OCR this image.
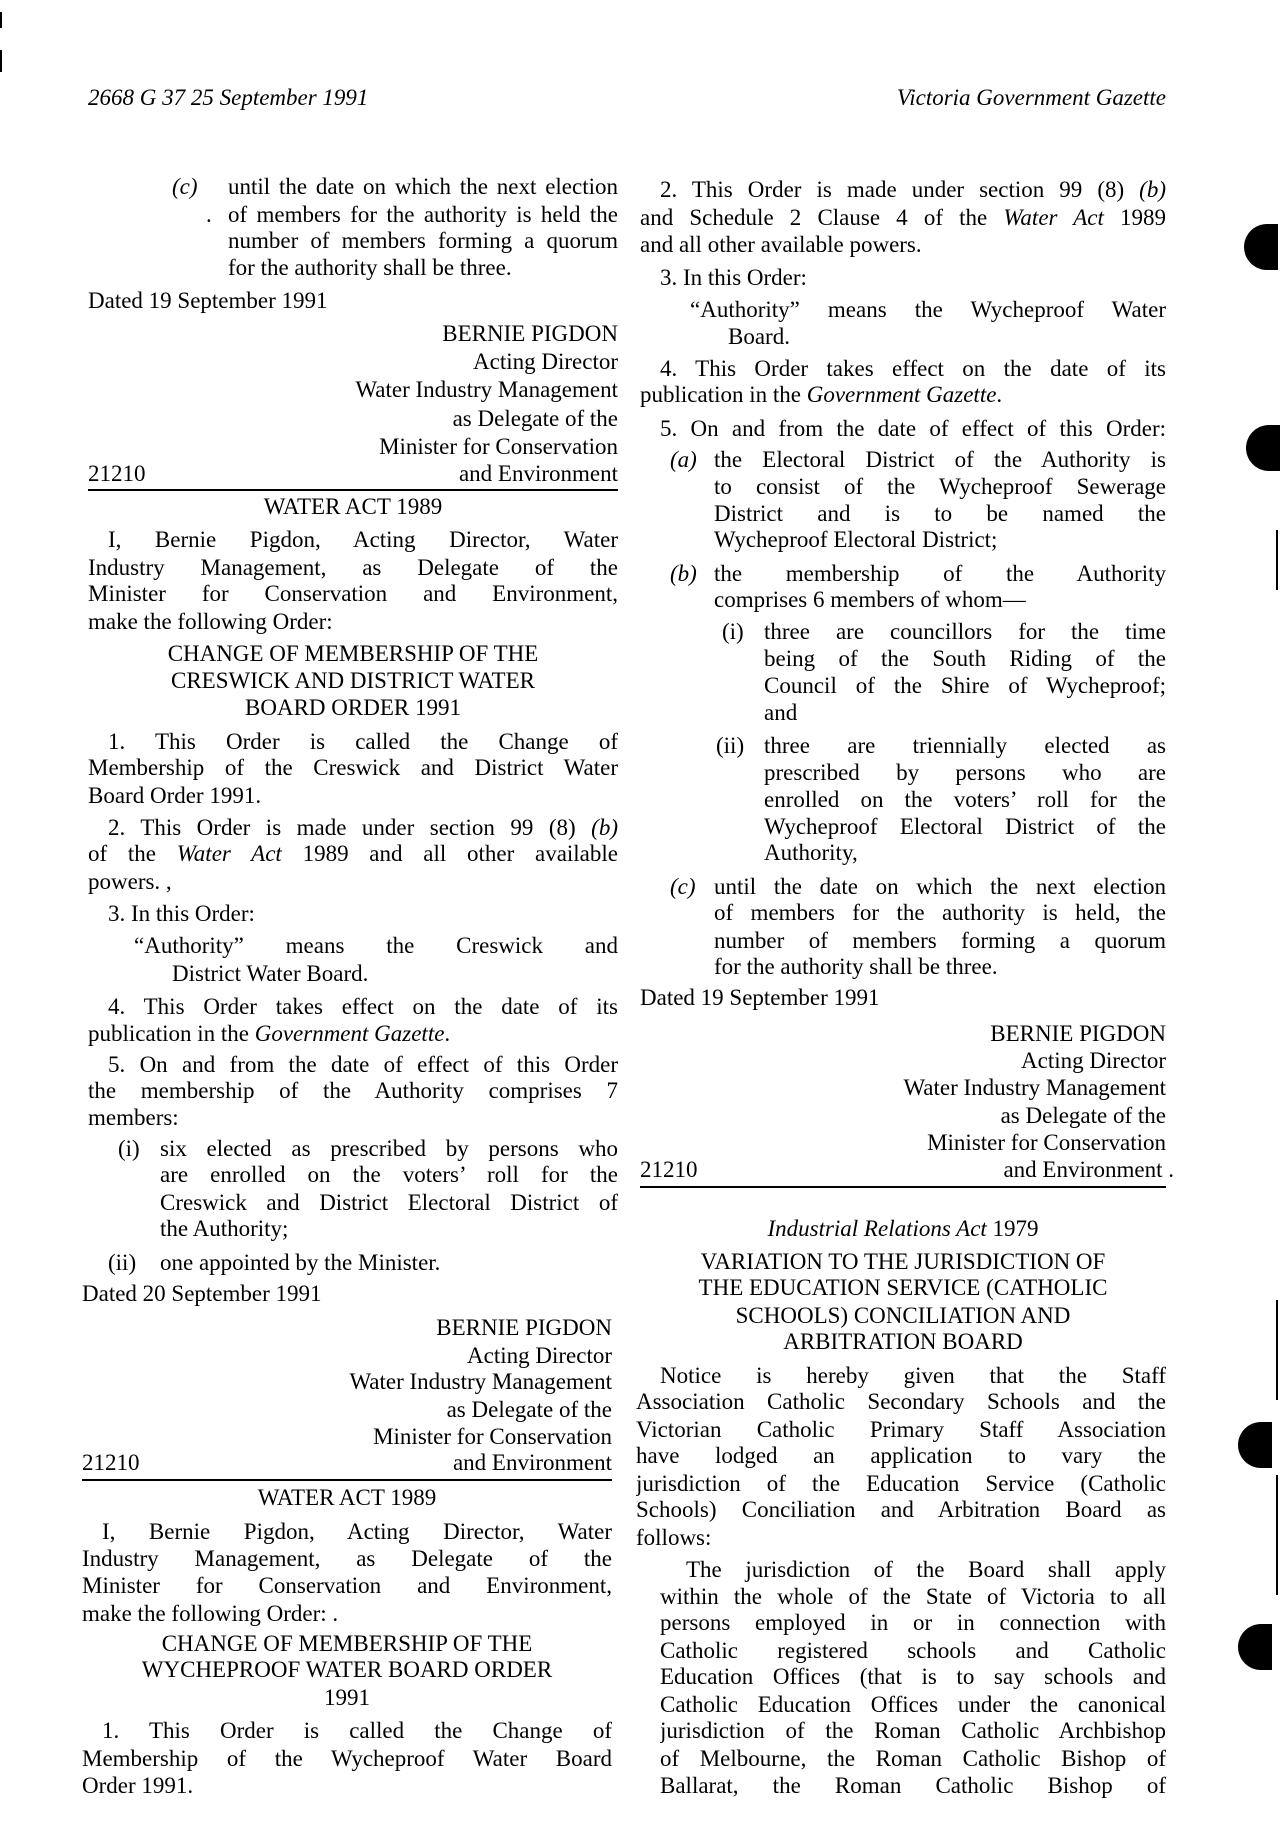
2668 G 37 25 September 1991	Victoria Government Gazette
(c)	until the date on which the next election
. of members for the authority is held the
number of members forming a quorum
for the authority shall be three.
Dated 19 September 1991
BERNIE PIGDON
Acting Director
Water Industry Management
as Delegate of the
Minister for Conservation
21210	and Environment
WATER ACT 1989
I, Bernie Pigdon, Acting Director, Water
Industry Management, as Delegate of the
Minister for Conservation and Environment,
make the following Order:
CHANGE OF MEMBERSHIP OF THE
CRESWICK AND DISTRICT WATER
BOARD ORDER 1991
1. This Order is called the Change of
Membership of the Creswick and District Water
Board Order 1991.
2. This Order is made under section 99 (8) (b)
of the Water Act 1989 and all other available
powers. ,
3. In this Order:
“Authority” means the Creswick and
District Water Board.
4. This Order takes effect on the date of its
publication in the Government Gazette.
5. On and from the date of effect of this Order
the membership of the Authority comprises 7
members:
(i) six elected as prescribed by persons who
are enrolled on the voters’ roll for the
Creswick and District Electoral District of
the Authority;
(ii)	one appointed by the Minister.
Dated 20 September 1991
BERNIE PIGDON
Acting Director
Water Industry Management
as Delegate of the
Minister for Conservation
21210	and Environment
WATER ACT 1989
I, Bernie Pigdon, Acting Director, Water
Industry Management, as Delegate of the
Minister for Conservation and Environment,
make the following Order: .
CHANGE OF MEMBERSHIP OF THE
WYCHEPROOF WATER BOARD ORDER
1991
1. This Order is called the Change of
Membership of the Wycheproof Water Board
Order 1991.
2. This Order is made under section 99 (8) (b)
and Schedule 2 Clause 4 of the Water Act 1989
and all other available powers.
3. In this Order:
“Authority” means the Wycheproof Water
Board.
4. This Order takes effect on the date of its
publication in the Government Gazette.
5. On and from the date of effect of this Order:
(a) the Electoral District of the Authority is
to consist of the Wycheproof Sewerage
District and is to be named the
Wycheproof Electoral District;
(b) the membership of the Authority
comprises 6 members of whom—
(i) three are councillors for the time
being of the South Riding of the
Council of the Shire of Wycheproof;
and
(ii) three are triennially elected as
prescribed by persons who are
enrolled on the voters’ roll for the
Wycheproof Electoral District of the
Authority,
(c) until the date on which the next election
of members for the authority is held, the
number of members forming a quorum
for the authority shall be three.
Dated 19 September 1991
BERNIE PIGDON
Acting Director
Water Industry Management
as Delegate of the
Minister for Conservation
21210	and Environment .
Industrial Relations Act 1979
VARIATION TO THE JURISDICTION OF
THE EDUCATION SERVICE (CATHOLIC
SCHOOLS) CONCILIATION AND
ARBITRATION BOARD
Notice is hereby given that the Staff
Association Catholic Secondary Schools and the
Victorian Catholic Primary Staff Association
have lodged an application to vary the
jurisdiction of the Education Service (Catholic
Schools) Conciliation and Arbitration Board as
follows:
The jurisdiction of the Board shall apply
within the whole of the State of Victoria to all
persons employed in or in connection with
Catholic registered schools and Catholic
Education Offices (that is to say schools and
Catholic Education Offices under the canonical
jurisdiction of the Roman Catholic Archbishop
of Melbourne, the Roman Catholic Bishop of
Ballarat, the Roman Catholic Bishop of
